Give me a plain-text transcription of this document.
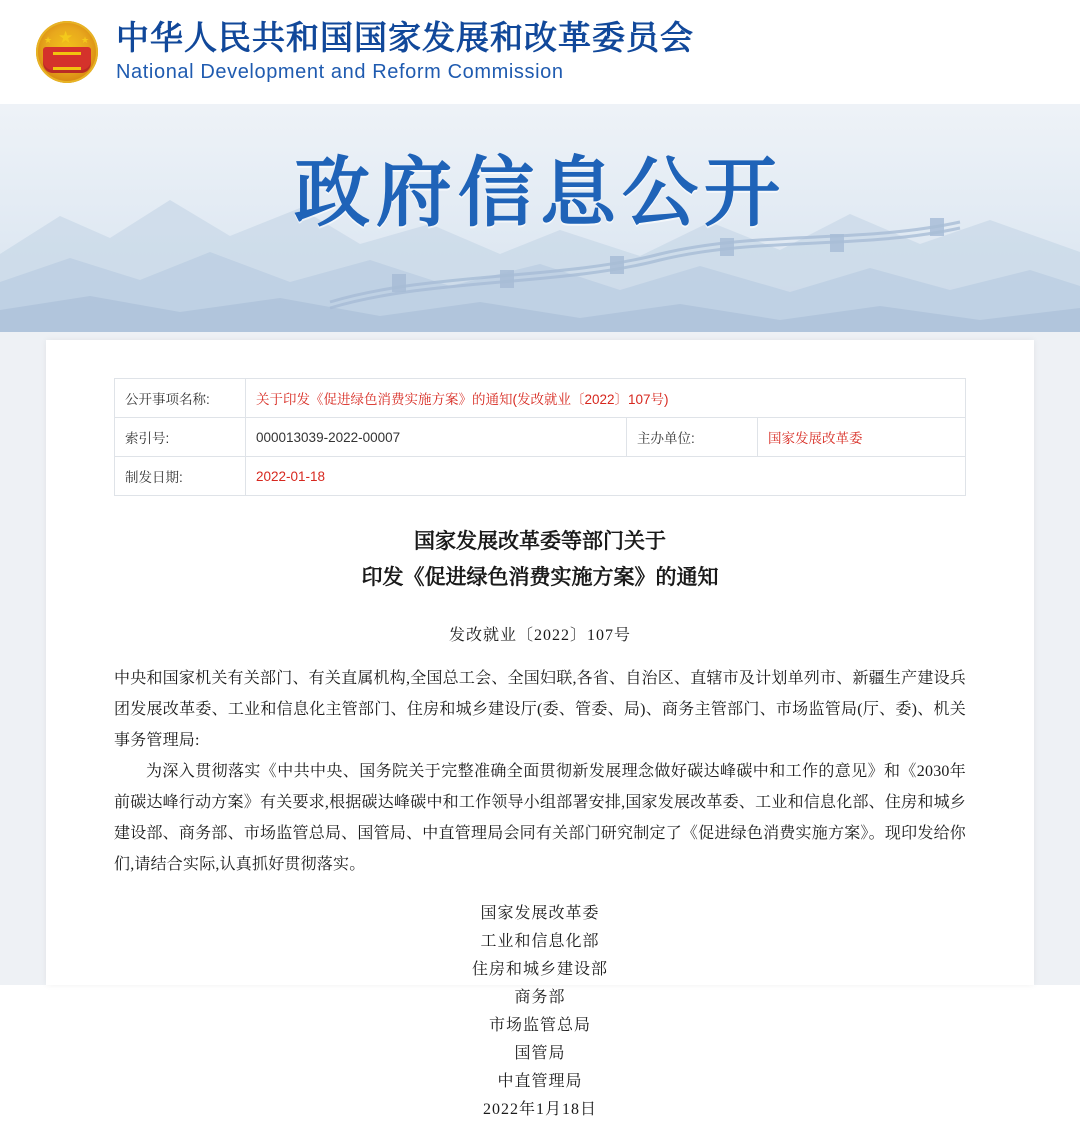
★
★	★ 中华人民共和国国家发展和改革委员会
National Development and Reform Commission
政府信息公开
公开事项名称:	关于印发《促进绿色消费实施方案》的通知(发改就业〔2022〕107号)		
索引号:	000013039-2022-00007	主办单位:	国家发展改革委
制发日期:	2022-01-18		
国家发展改革委等部门关于
印发《促进绿色消费实施方案》的通知
发改就业〔2022〕107号
中央和国家机关有关部门、有关直属机构,全国总工会、全国妇联,各省、自治区、直辖市及计划单列市、新疆生产建设兵团发展改革委、工业和信息化主管部门、住房和城乡建设厅(委、管委、局)、商务主管部门、市场监管局(厅、委)、机关事务管理局:
为深入贯彻落实《中共中央、国务院关于完整准确全面贯彻新发展理念做好碳达峰碳中和工作的意见》和《2030年前碳达峰行动方案》有关要求,根据碳达峰碳中和工作领导小组部署安排,国家发展改革委、工业和信息化部、住房和城乡建设部、商务部、市场监管总局、国管局、中直管理局会同有关部门研究制定了《促进绿色消费实施方案》。现印发给你们,请结合实际,认真抓好贯彻落实。
国家发展改革委
工业和信息化部
住房和城乡建设部
商务部
市场监管总局
国管局
中直管理局
2022年1月18日
